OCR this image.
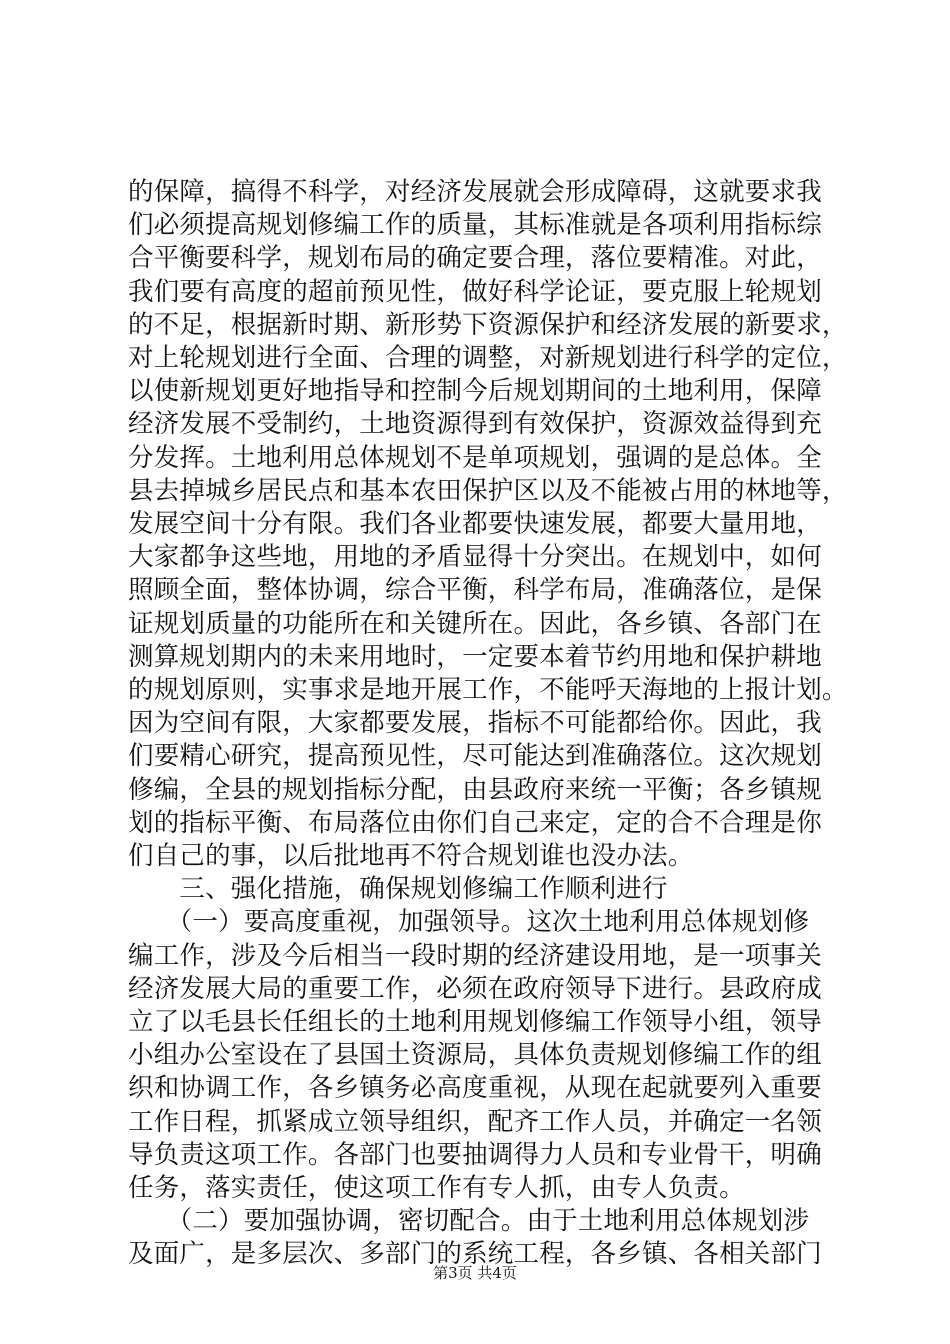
的保障，搞得不科学，对经济发展就会形成障碍，这就要求我
们必须提高规划修编工作的质量，其标准就是各项利用指标综
合平衡要科学，规划布局的确定要合理，落位要精准。对此，
我们要有高度的超前预见性，做好科学论证，要克服上轮规划
的不足，根据新时期、新形势下资源保护和经济发展的新要求，
对上轮规划进行全面、合理的调整，对新规划进行科学的定位，
以使新规划更好地指导和控制今后规划期间的土地利用，保障
经济发展不受制约，土地资源得到有效保护，资源效益得到充
分发挥。土地利用总体规划不是单项规划，强调的是总体。全
县去掉城乡居民点和基本农田保护区以及不能被占用的林地等，
发展空间十分有限。我们各业都要快速发展，都要大量用地，
大家都争这些地，用地的矛盾显得十分突出。在规划中，如何
照顾全面，整体协调，综合平衡，科学布局，准确落位，是保
证规划质量的功能所在和关键所在。因此，各乡镇、各部门在
测算规划期内的未来用地时，一定要本着节约用地和保护耕地
的规划原则，实事求是地开展工作，不能呼天海地的上报计划。
因为空间有限，大家都要发展，指标不可能都给你。因此，我
们要精心研究，提高预见性，尽可能达到准确落位。这次规划
修编，全县的规划指标分配，由县政府来统一平衡；各乡镇规
划的指标平衡、布局落位由你们自己来定，定的合不合理是你
们自己的事，以后批地再不符合规划谁也没办法。
　　三、强化措施，确保规划修编工作顺利进行
　　（一）要高度重视，加强领导。这次土地利用总体规划修
编工作，涉及今后相当一段时期的经济建设用地，是一项事关
经济发展大局的重要工作，必须在政府领导下进行。县政府成
立了以毛县长任组长的土地利用规划修编工作领导小组，领导
小组办公室设在了县国土资源局，具体负责规划修编工作的组
织和协调工作，各乡镇务必高度重视，从现在起就要列入重要
工作日程，抓紧成立领导组织，配齐工作人员，并确定一名领
导负责这项工作。各部门也要抽调得力人员和专业骨干，明确
任务，落实责任，使这项工作有专人抓，由专人负责。
　　（二）要加强协调，密切配合。由于土地利用总体规划涉
及面广，是多层次、多部门的系统工程，各乡镇、各相关部门
第3页 共4页
